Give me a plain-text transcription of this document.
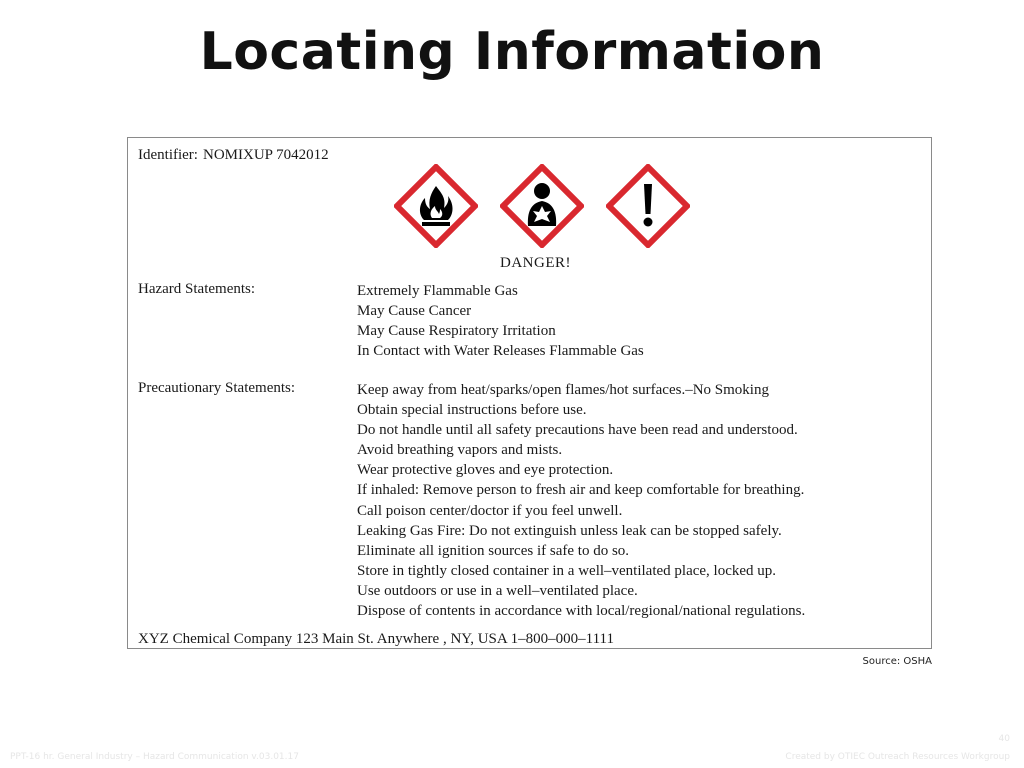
Locating Information
Identifier: NOMIXUP 7042012
DANGER!
Hazard Statements:	Extremely Flammable Gas
May Cause Cancer
May Cause Respiratory Irritation
In Contact with Water Releases Flammable Gas
Precautionary Statements:	Keep away from heat/sparks/open flames/hot surfaces.–No Smoking
Obtain special instructions before use.
Do not handle until all safety precautions have been read and understood.
Avoid breathing vapors and mists.
Wear protective gloves and eye protection.
If inhaled: Remove person to fresh air and keep comfortable for breathing.
Call poison center/doctor if you feel unwell.
Leaking Gas Fire: Do not extinguish unless leak can be stopped safely.
Eliminate all ignition sources if safe to do so.
Store in tightly closed container in a well–ventilated place, locked up.
Use outdoors or use in a well–ventilated place.
Dispose of contents in accordance with local/regional/national regulations.
XYZ Chemical Company 123 Main St. Anywhere , NY, USA 1–800–000–1111
Source: OSHA
40
PPT-16 hr. General Industry – Hazard Communication v.03.01.17	Created by OTIEC Outreach Resources Workgroup
